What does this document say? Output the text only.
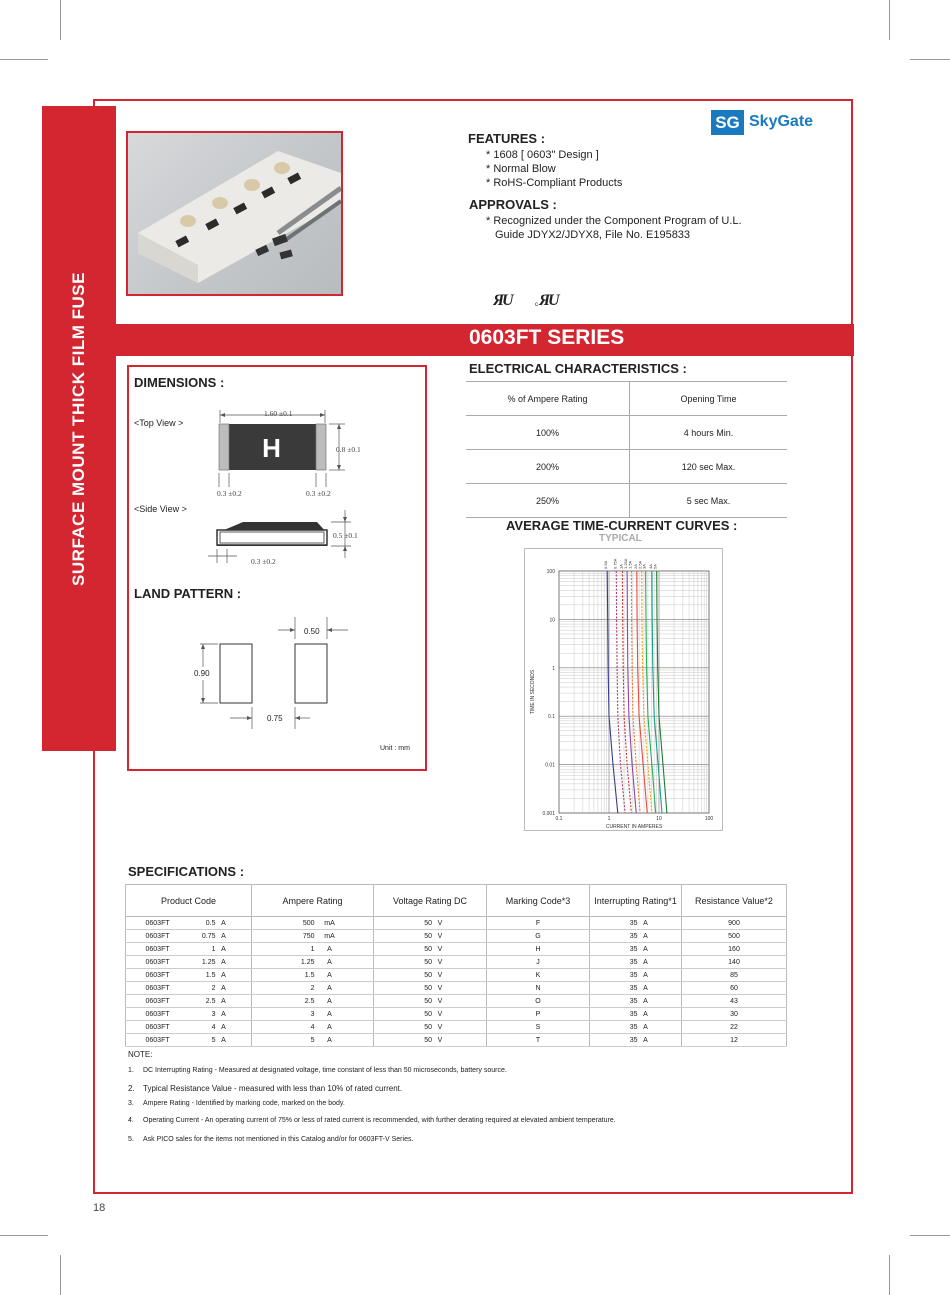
SURFACE MOUNT THICK FILM FUSE
SG SkyGate
FEATURES :
* 1608 [ 0603" Design ]
* Normal Blow
* RoHS-Compliant Products
APPROVALS :
* Recognized under the Component Program of U.L.
Guide JDYX2/JDYX8, File No. E195833
Я
U	c Я
U
0603FT SERIES
DIMENSIONS :
<Top View >
<Side View >
H
1.60 ±0.1
0.8 ±0.1
0.3 ±0.2	0.3 ±0.2
0.5 ±0.1
0.3 ±0.2
LAND PATTERN :
0.50
0.90
0.75
Unit : mm
ELECTRICAL CHARACTERISTICS :
% of Ampere Rating	Opening Time
100%	4 hours Min.
200%	120 sec Max.
250%	5 sec Max.
AVERAGE TIME-CURRENT CURVES :
TYPICAL
100
10
1
0.1
0.01
0.001
0.1	1	10	100
CURRENT IN AMPERES
TIME IN SECONDS
0.5A 0.75A 1A 1.25A 1.5A 2A 2.5A
3A 4A 5A
SPECIFICATIONS :
Product Code	Ampere Rating	Voltage Rating DC	Marking Code*3	Interrupting Rating*1	Resistance Value*2
0603FT 0.5 A	500 mA	50 V	F	35 A	900
0603FT 0.75 A	750 mA	50 V	G	35 A	500
0603FT 1 A	1 A	50 V	H	35 A	160
0603FT 1.25 A	1.25 A	50 V	J	35 A	140
0603FT 1.5 A	1.5 A	50 V	K	35 A	85
0603FT 2 A	2 A	50 V	N	35 A	60
0603FT 2.5 A	2.5 A	50 V	O	35 A	43
0603FT 3 A	3 A	50 V	P	35 A	30
0603FT 4 A	4 A	50 V	S	35 A	22
0603FT 5 A	5 A	50 V	T	35 A	12
NOTE:
1. DC Interrupting Rating - Measured at designated voltage, time constant of less than 50 microseconds, battery source.
2. Typical Resistance Value - measured with less than 10% of rated current.
3. Ampere Rating - Identified by marking code, marked on the body.
4. Operating Current - An operating current of 75% or less of rated current is recommended, with further derating required at elevated ambient temperature.
5. Ask PICO sales for the items not mentioned in this Catalog and/or for 0603FT-V Series.
18
